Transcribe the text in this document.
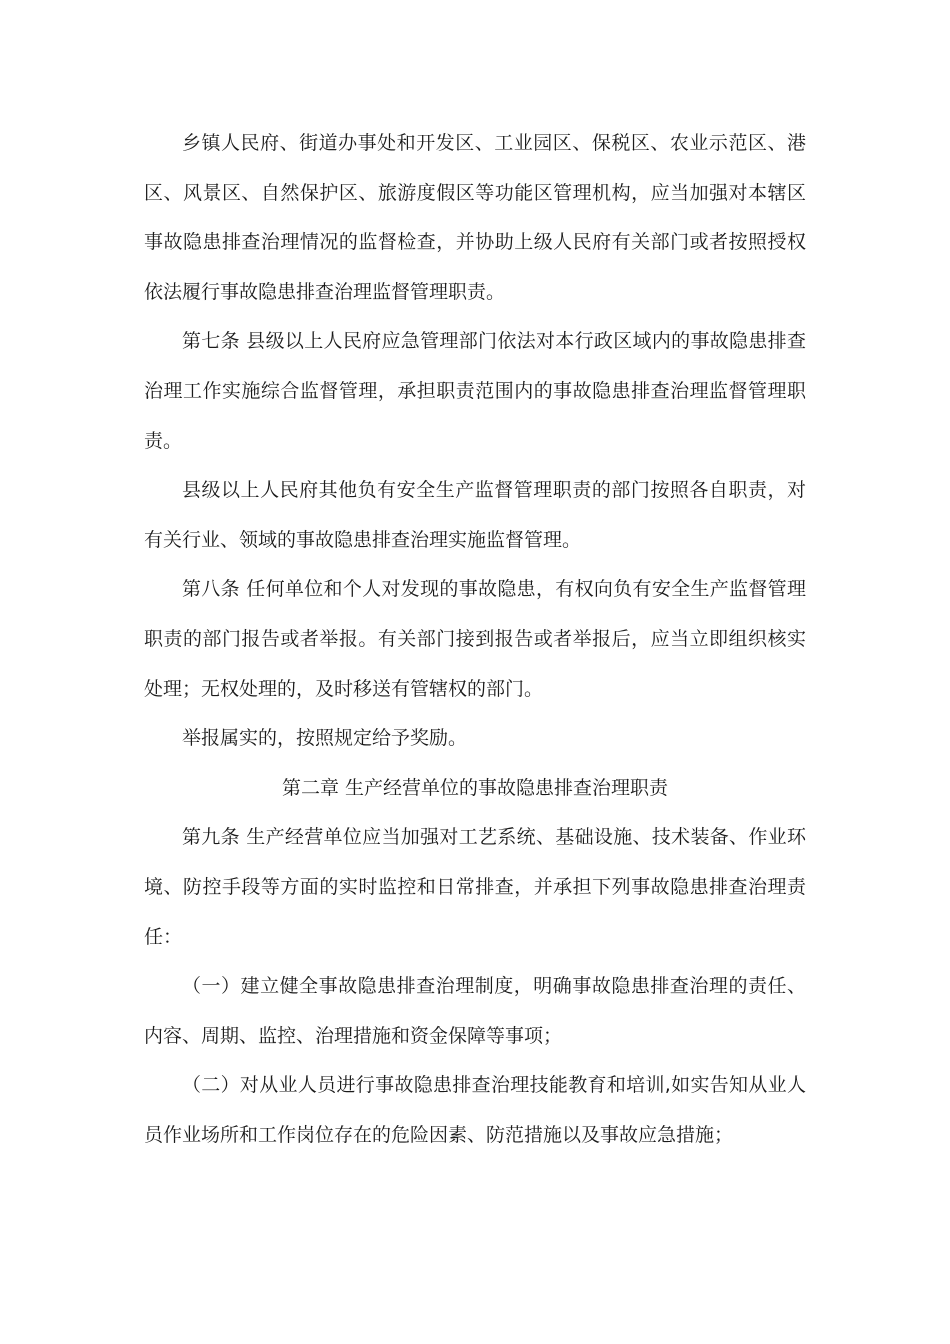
乡镇人民府、街道办事处和开发区、工业园区、保税区、农业示范区、港区、风景区、自然保护区、旅游度假区等功能区管理机构，应当加强对本辖区事故隐患排查治理情况的监督检查，并协助上级人民府有关部门或者按照授权依法履行事故隐患排查治理监督管理职责。

第七条 县级以上人民府应急管理部门依法对本行政区域内的事故隐患排查治理工作实施综合监督管理，承担职责范围内的事故隐患排查治理监督管理职责。

县级以上人民府其他负有安全生产监督管理职责的部门按照各自职责，对有关行业、领域的事故隐患排查治理实施监督管理。

第八条 任何单位和个人对发现的事故隐患，有权向负有安全生产监督管理职责的部门报告或者举报。有关部门接到报告或者举报后，应当立即组织核实处理；无权处理的，及时移送有管辖权的部门。

举报属实的，按照规定给予奖励。

第二章 生产经营单位的事故隐患排查治理职责

第九条 生产经营单位应当加强对工艺系统、基础设施、技术装备、作业环境、防控手段等方面的实时监控和日常排查，并承担下列事故隐患排查治理责任：

（一）建立健全事故隐患排查治理制度，明确事故隐患排查治理的责任、内容、周期、监控、治理措施和资金保障等事项；

（二）对从业人员进行事故隐患排查治理技能教育和培训,如实告知从业人员作业场所和工作岗位存在的危险因素、防范措施以及事故应急措施；
